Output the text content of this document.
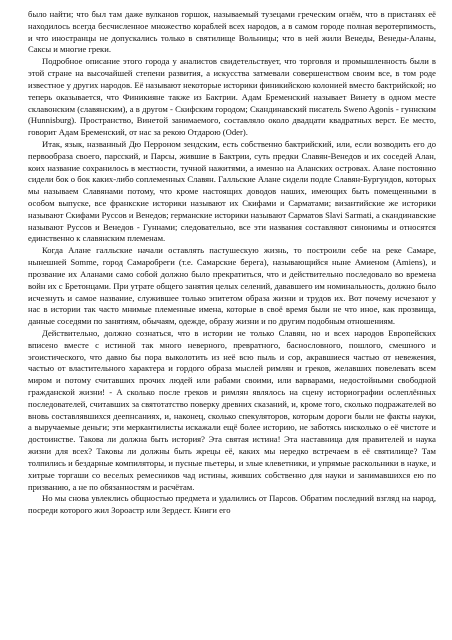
было найти; что был там даже вулканов горшок, называемый тузецами греческим огнём, что в пристанях её находилось всегда бесчисленное множество кораблей всех народов, а в самом городе полная веротерпимость, и что иностранцы не допускались только в святилище Вольницы; что в ней жили Венеды, Венеды-Аланы, Саксы и многие греки.

Подробное описание этого города у аналистов свидетельствует, что торговля и промышленность были в этой стране на высочайшей степени развития, а искусства затмевали совершенством своим все, в том роде известное у других народов. Её называют некоторые историки финикийскою колонией вместо бактрийской; но теперь оказывается, что Финикияне также из Бактрии. Адам Бременский называет Винету в одном месте склавонским (славянским), а в другом - Скифским городом; Скандинавский писатель Sweno Agonis - гуннским (Hunnisburg). Пространство, Винетой занимаемого, составляло около двадцати квадратных верст. Ее место, говорит Адам Бременский, от нас за рекою Отдарою (Oder).

Итак, язык, названный Дю Перроном зендским, есть собственно бактрийский, или, если возводить его до первообраза своего, парсский, и Парсы, жившие в Бактрии, суть предки Славян-Венедов и их соседей Алан, коих название сохранилось в местности, тучной нажитями, а именно на Аланских островах. Алане постоянно сидели бок о бок каких-либо соплеменных Славян. Галльские Алане сидели подле Славян-Бургундов, которых мы называем Славянами потому, что кроме настоящих доводов наших, имеющих быть помещенными в особом выпуске, все франкские историки называют их Скифами и Сарматами; византийские же историки называют Скифами Руссов и Венедов; германские историки называют Сарматов Slavi Sarmati, а скандинавские называют Руссов и Венедов - Гуннами; следовательно, все эти названия составляют синонимы и относятся единственно к славянским племенам.

Когда Алане галльские начали оставлять пастушескую жизнь, то построили себе на реке Самаре, нынешней Somme, город Самаробреги (т.е. Самарские берега), называющийся ныне Амиеном (Amiens), и прозвание их Аланами само собой должно было прекратиться, что и действительно последовало во времена войн их с Бретонцами. При утрате общего занятия целых селений, дававшего им номинальность, должно было исчезнуть и самое название, служившее только эпитетом образа жизни и трудов их. Вот почему исчезают у нас в истории так часто мнимые племенные имена, которые в своё время были не что иное, как прозвища, данные соседями по занятиям, обычаям, одежде, образу жизни и по другим подобным отношениям.

Действительно, должно сознаться, что в истории не только Славян, но и всех народов Европейских вписено вместе с истиной так много неверного, превратного, баснословного, пошлого, смешного и эгоистического, что давно бы пора выколотить из неё всю пыль и сор, акравшиеся частью от невежения, частью от властительного характера и гордого образа мыслей римлян и греков, желавших повелевать всем миром и потому считавших прочих людей или рабами своими, или варварами, недостойными свободной гражданской жизни! - А сколько после греков и римлян являлось на сцену историографии ослеплённых последователей, считавших за святотатство поверку древних сказаний, и, кроме того, сколько подражателей во вновь составлявшихся деепнсаниях, и, наконец, сколько спекуляторов, которым дороги были не факты науки, а выручаемые деньги; эти меркантилисты искажали ещё более историю, не заботясь нисколько о её чистоте и достоинстве. Такова ли должна быть история? Эта святая истина! Эта наставница для правителей и наука жизни для всех? Таковы ли должны быть жрецы её, каких мы нередко встречаем в её святилище? Там толпились и бездарные компиляторы, и пусные пьетеры, и злые клеветники, и упрямые раскольники в науке, и хитрые торгаши со веселых ремесников чад истины, живших собственно для науки и занимавшихся ею по призванию, а не по обязанностям и расчётам.

Но мы снова увлеклись общностью предмета и удалились от Парсов. Обратим последний взгляд на народ, посреди которого жил Зороастр или Зердест. Книги его
